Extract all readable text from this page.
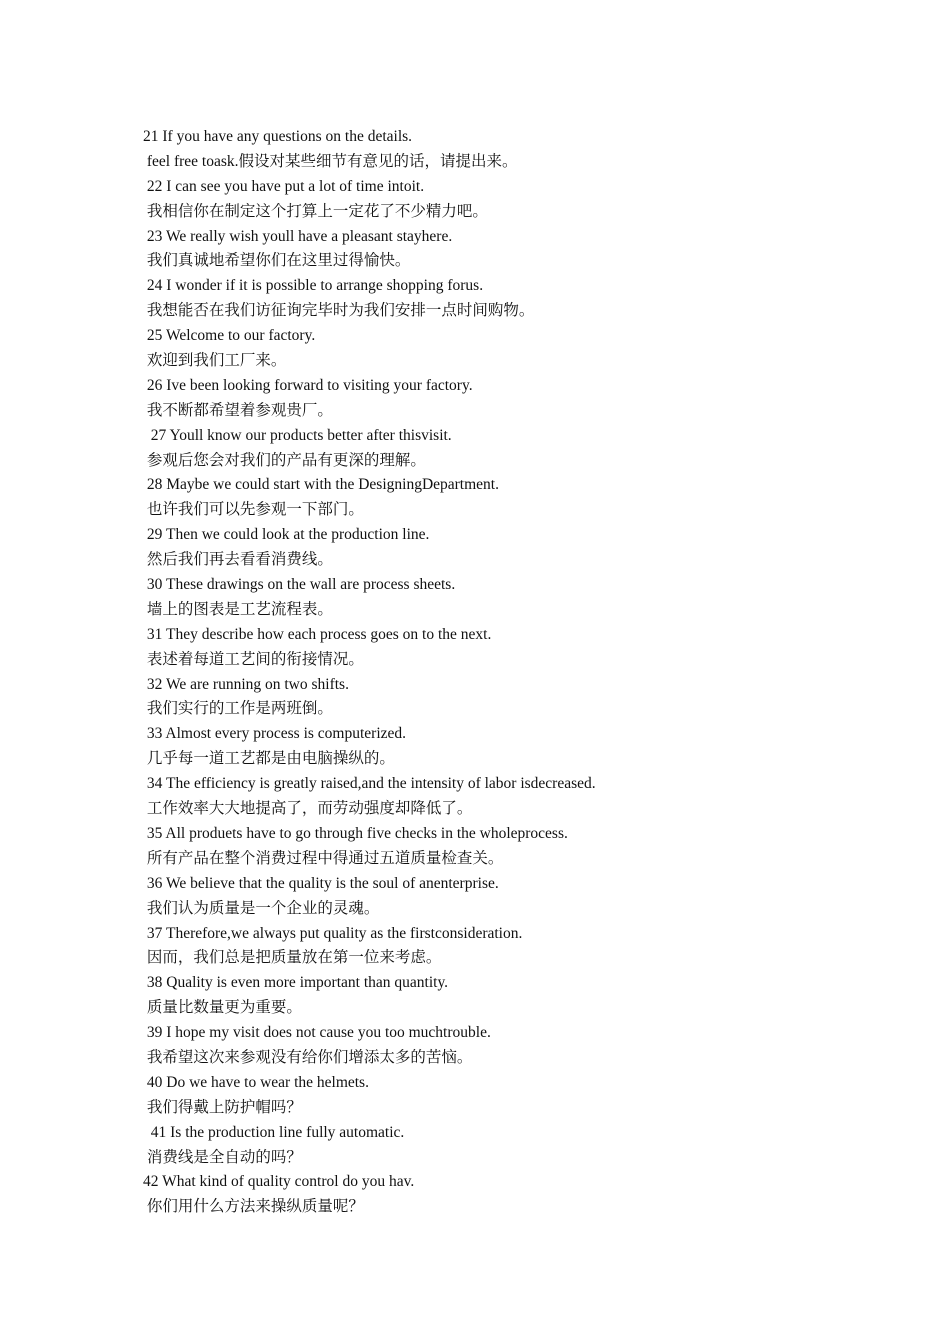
21 If you have any questions on the details.
feel free toask.假设对某些细节有意见的话，请提出来。
22 I can see you have put a lot of time intoit.
我相信你在制定这个打算上一定花了不少精力吧。
23 We really wish youll have a pleasant stayhere.
我们真诚地希望你们在这里过得愉快。
24 I wonder if it is possible to arrange shopping forus.
我想能否在我们访征询完毕时为我们安排一点时间购物。
25 Welcome to our factory.
欢迎到我们工厂来。
26 Ive been looking forward to visiting your factory.
我不断都希望着参观贵厂。
27 Youll know our products better after thisvisit.
参观后您会对我们的产品有更深的理解。
28 Maybe we could start with the DesigningDepartment.
也许我们可以先参观一下部门。
29 Then we could look at the production line.
然后我们再去看看消费线。
30 These drawings on the wall are process sheets.
墙上的图表是工艺流程表。
31 They describe how each process goes on to the next.
表述着每道工艺间的衔接情况。
32 We are running on two shifts.
我们实行的工作是两班倒。
33 Almost every process is computerized.
几乎每一道工艺都是由电脑操纵的。
34 The efficiency is greatly raised,and the intensity of labor isdecreased.
工作效率大大地提高了，而劳动强度却降低了。
35 All produets have to go through five checks in the wholeprocess.
所有产品在整个消费过程中得通过五道质量检查关。
36 We believe that the quality is the soul of anenterprise.
我们认为质量是一个企业的灵魂。
37 Therefore,we always put quality as the firstconsideration.
因而，我们总是把质量放在第一位来考虑。
38 Quality is even more important than quantity.
质量比数量更为重要。
39 I hope my visit does not cause you too muchtrouble.
我希望这次来参观没有给你们增添太多的苦恼。
40 Do we have to wear the helmets.
我们得戴上防护帽吗？
41 Is the production line fully automatic.
消费线是全自动的吗？
42 What kind of quality control do you hav.
你们用什么方法来操纵质量呢？
